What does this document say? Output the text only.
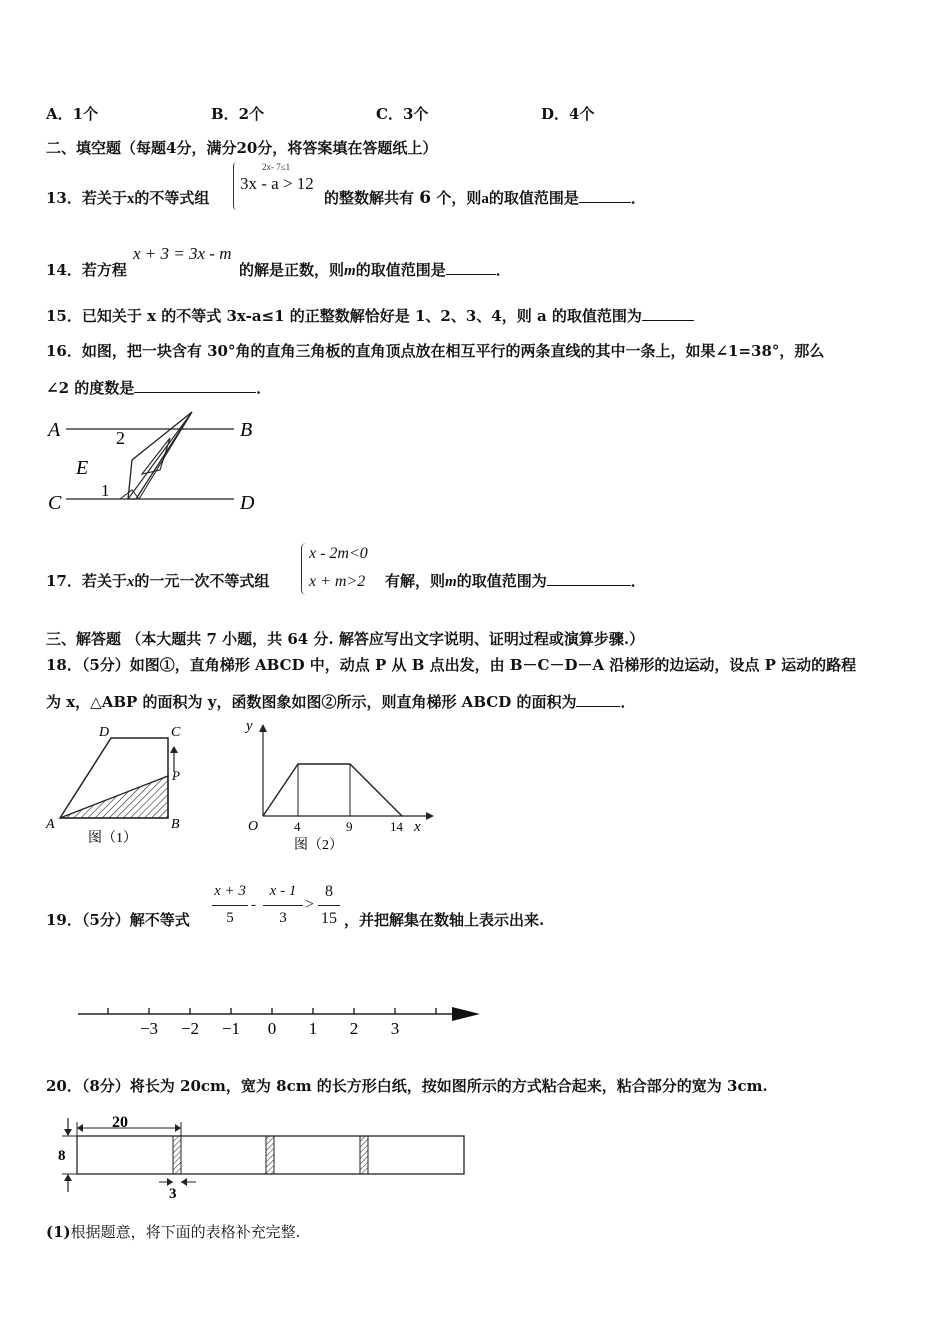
A．1个	B．2个	C．3个	D．4个
二、填空题（每题4分，满分20分，将答案填在答题纸上）
13．若关于x的不等式组
2x- 7≤1
3x - a > 12
的整数解共有 6 个，则a的取值范围是	．
14．若方程
x + 3 = 3x - m
的解是正数，则m的取值范围是	．
15．已知关于 x 的不等式 3x-a≤1 的正整数解恰好是 1、2、3、4，则 a 的取值范围为
16．如图，把一块含有 30°角的直角三角板的直角顶点放在相互平行的两条直线的其中一条上，如果∠1=38°，那么
∠2 的度数是	．
A	B
C	D
E
1
2
17．若关于x的一元一次不等式组
x - 2m<0
x + m>2 有解，则m的取值范围为	．
三、解答题 （本大题共 7 小题，共 64 分. 解答应写出文字说明、证明过程或演算步骤.）
18．（5分）如图①，直角梯形 ABCD 中，动点 P 从 B 点出发，由 B－C－D－A 沿梯形的边运动，设点 P 运动的路程
为 x，△ABP 的面积为 y，函数图象如图②所示，则直角梯形 ABCD 的面积为	．
A	B
C
D
P
图（1）
y
x
O	4	9	14
图（2）
19．（5分）解不等式
x + 3
5
-
x - 1
3
>
8
15 ，并把解集在数轴上表示出来.
−3 −2 −1 0 1 2 3
20．（8分）将长为 20cm，宽为 8cm 的长方形白纸，按如图所示的方式粘合起来，粘合部分的宽为 3cm.
20
8
3
(1)根据题意，将下面的表格补充完整.
